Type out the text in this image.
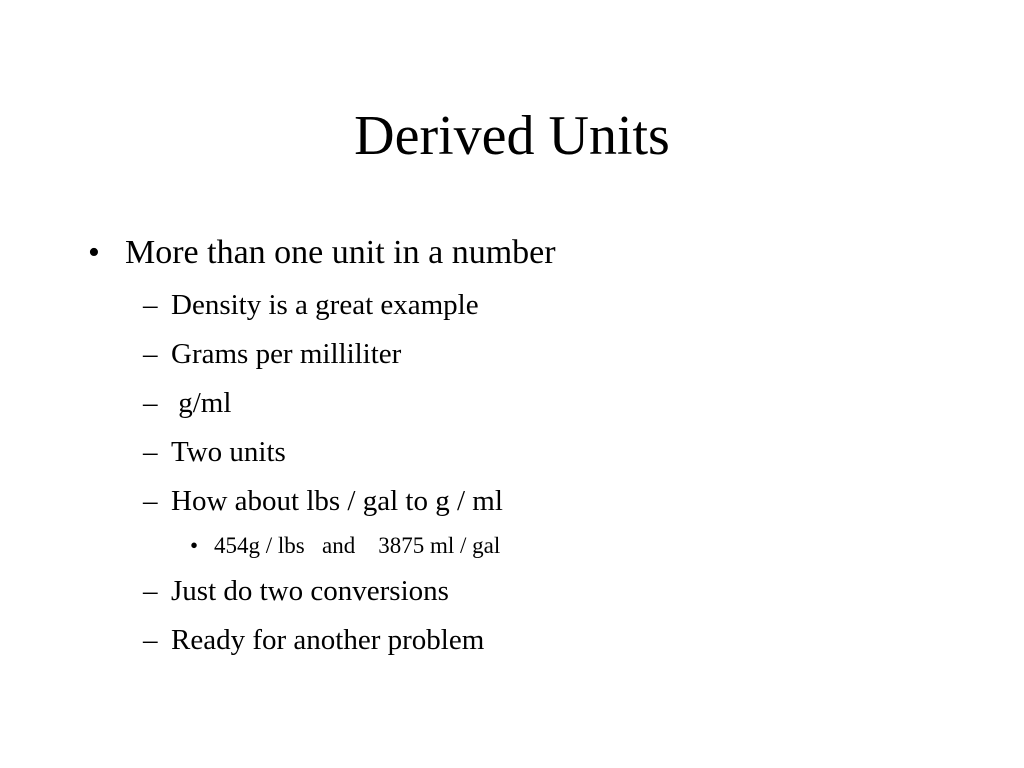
Derived Units
• More than one unit in a number
– Density is a great example
– Grams per milliliter
– g/ml
– Two units
– How about lbs / gal to g / ml
• 454g / lbs   and    3875 ml / gal
– Just do two conversions
– Ready for another problem
